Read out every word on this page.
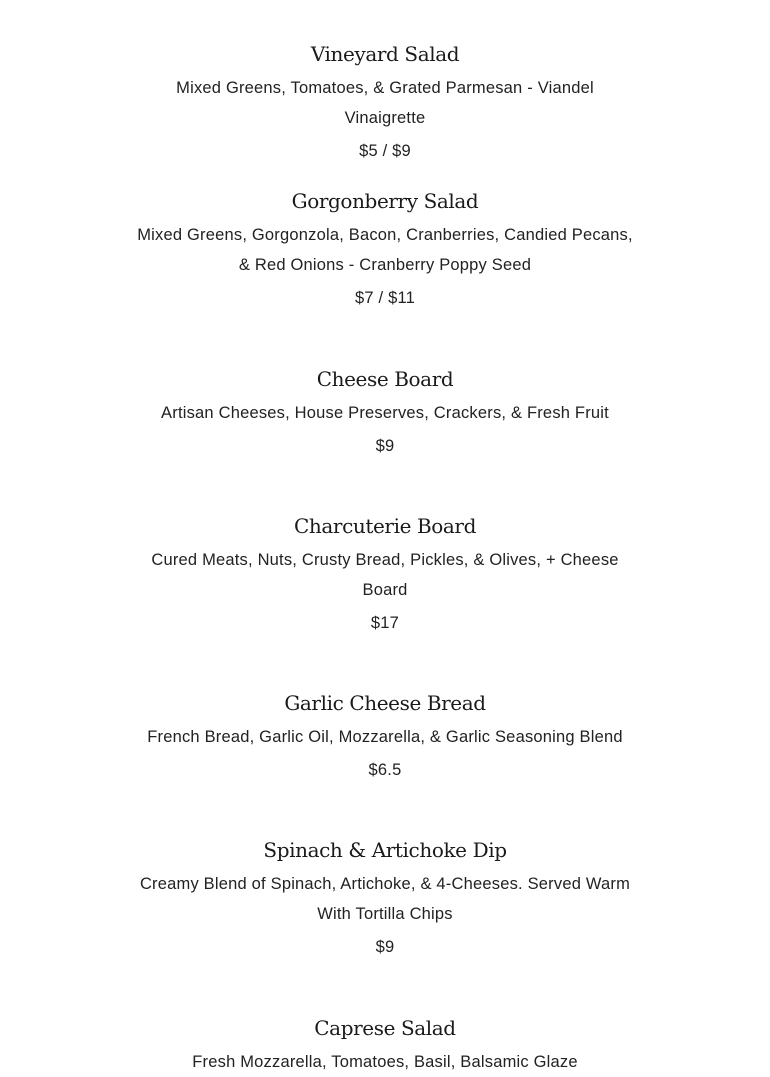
Vineyard Salad

Mixed Greens, Tomatoes, & Grated Parmesan - Viandel Vinaigrette

$5 / $9

Gorgonberry Salad

Mixed Greens, Gorgonzola, Bacon, Cranberries, Candied Pecans, & Red Onions - Cranberry Poppy Seed

$7 / $11

Cheese Board

Artisan Cheeses, House Preserves, Crackers, & Fresh Fruit

$9

Charcuterie Board

Cured Meats, Nuts, Crusty Bread, Pickles, & Olives, + Cheese Board

$17

Garlic Cheese Bread

French Bread, Garlic Oil, Mozzarella, & Garlic Seasoning Blend

$6.5

Spinach & Artichoke Dip

Creamy Blend of Spinach, Artichoke, & 4-Cheeses. Served Warm With Tortilla Chips

$9

Caprese Salad

Fresh Mozzarella, Tomatoes, Basil, Balsamic Glaze
